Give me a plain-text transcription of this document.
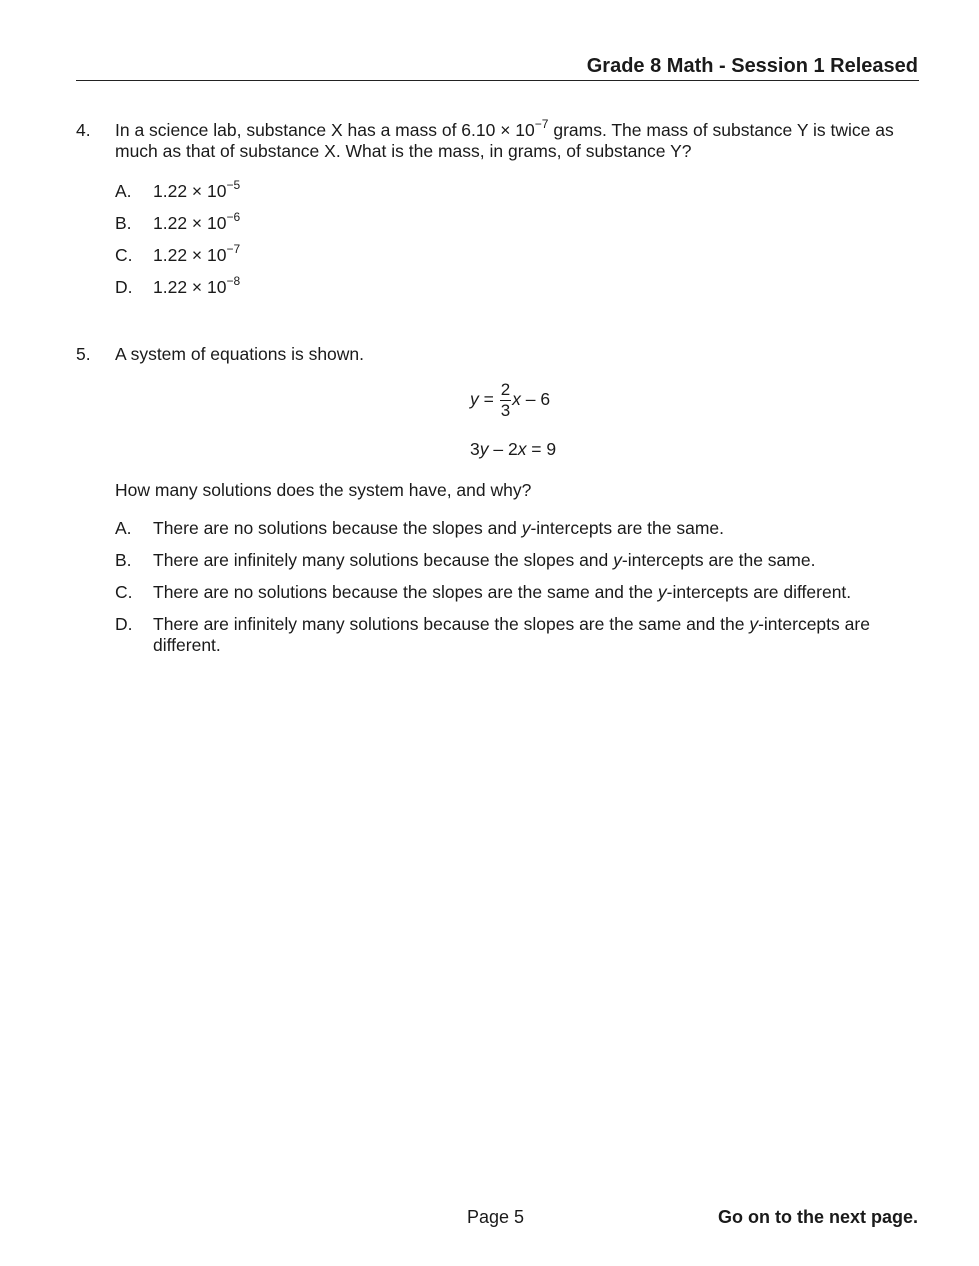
Grade 8 Math - Session 1 Released
4. In a science lab, substance X has a mass of $6.10 \times 10^{-7}$ grams. The mass of substance Y is twice as much as that of substance X. What is the mass, in grams, of substance Y?
A. $1.22 \times 10^{-5}$
B. $1.22 \times 10^{-6}$
C. $1.22 \times 10^{-7}$
D. $1.22 \times 10^{-8}$
5. A system of equations is shown.
$y = \frac{2}{3}$ x – 6
3y – 2x = 9
How many solutions does the system have, and why?
A. There are no solutions because the slopes and y-intercepts are the same.
B. There are infinitely many solutions because the slopes and y-intercepts are the same.
C. There are no solutions because the slopes are the same and the y-intercepts are different.
D. There are infinitely many solutions because the slopes are the same and the y-intercepts are different.
Page 5	Go on to the next page.
